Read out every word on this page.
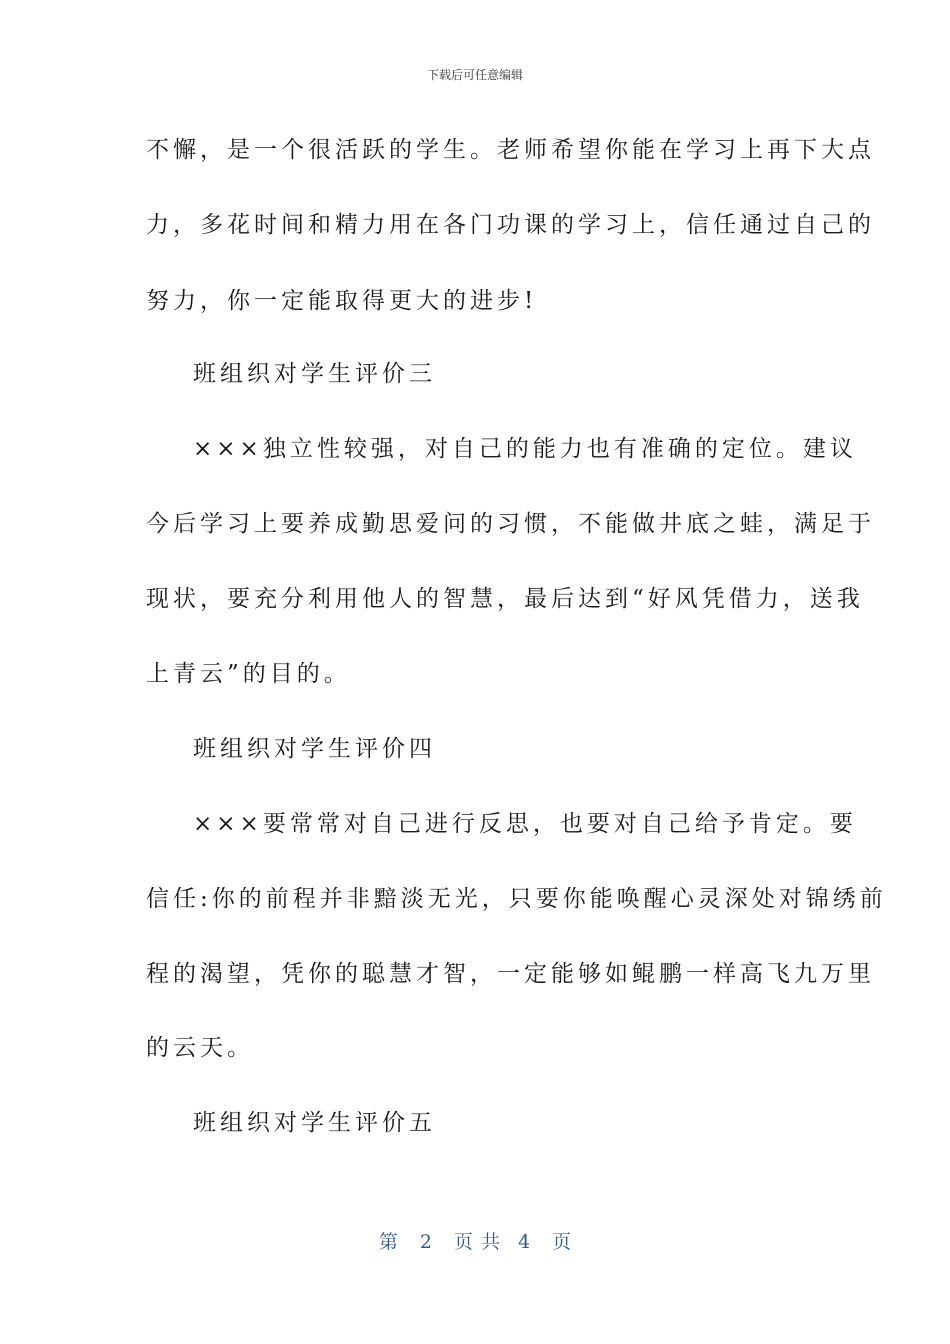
下载后可任意编辑
不懈，是一个很活跃的学生。老师希望你能在学习上再下大点
力，多花时间和精力用在各门功课的学习上，信任通过自己的
努力，你一定能取得更大的进步!
班组织对学生评价三
×××独立性较强，对自己的能力也有准确的定位。建议
今后学习上要养成勤思爱问的习惯，不能做井底之蛙，满足于
现状，要充分利用他人的智慧，最后达到“好风凭借力，送我
上青云”的目的。
班组织对学生评价四
×××要常常对自己进行反思，也要对自己给予肯定。要
信任:你的前程并非黯淡无光，只要你能唤醒心灵深处对锦绣前
程的渴望，凭你的聪慧才智，一定能够如鲲鹏一样高飞九万里
的云天。
班组织对学生评价五
第 2 页共 4 页
